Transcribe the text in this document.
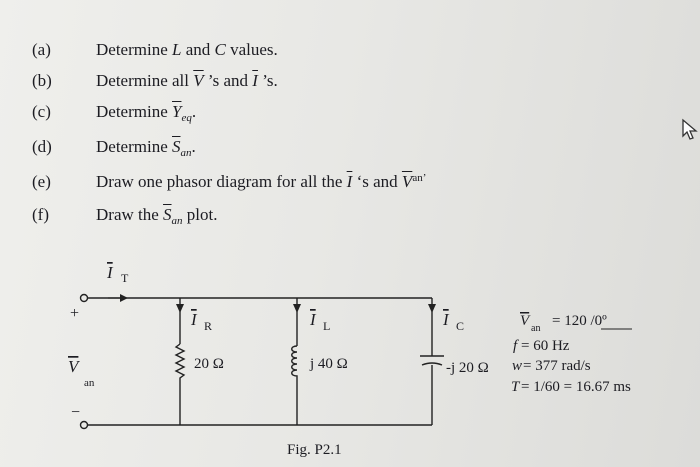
(a)	Determine L and C values.
(b)	Determine all $\overline{V}$ ’s and $\overline{I}$ ’s.
(c)	Determine $\overline{Y}_{eq}$.
(d)	Determine $\overline{S}_{an}$.
(e)	Draw one phasor diagram for all the $\overline{I}$ ‘s and $\overline{V}^{an’}$
(f)	Draw the $\overline{S}_{an}$ plot.
I T
+
−
V
an
I R
20 Ω
I L
j 40 Ω
I C
-j 20 Ω
Fig. P2.1
V an = 120 /0º
f = 60 Hz
w = 377 rad/s
T = 1/60 = 16.67 ms
